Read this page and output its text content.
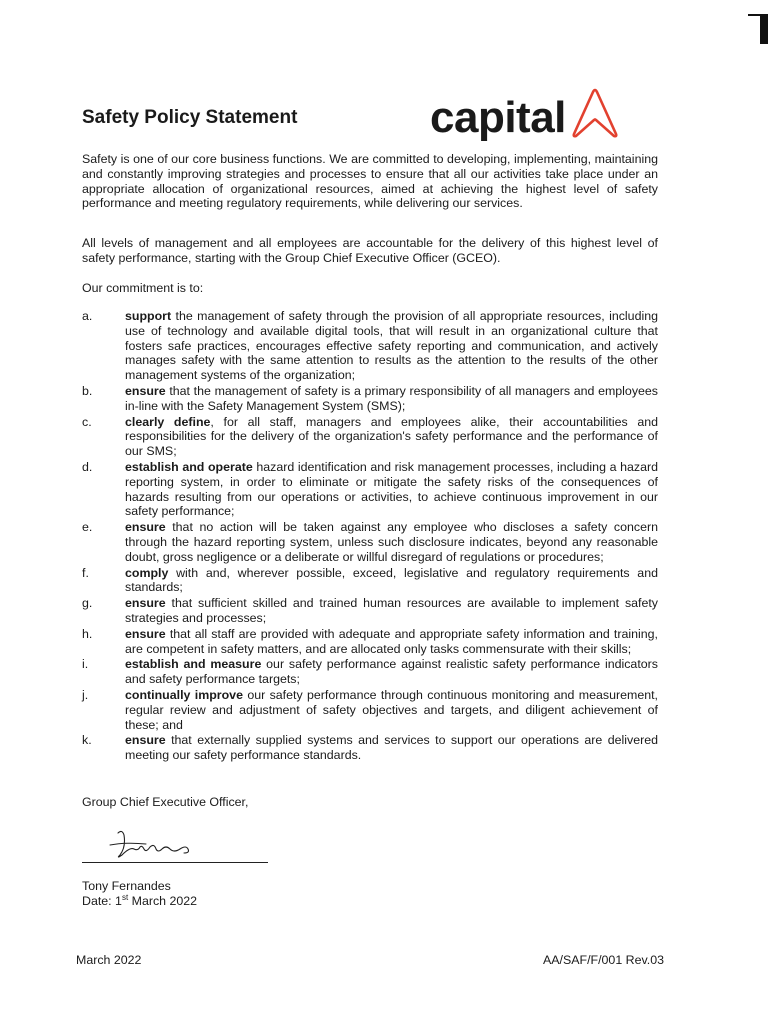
Safety Policy Statement	capital

Safety is one of our core business functions. We are committed to developing, implementing, maintaining and constantly improving strategies and processes to ensure that all our activities take place under an appropriate allocation of organizational resources, aimed at achieving the highest level of safety performance and meeting regulatory requirements, while delivering our services.

All levels of management and all employees are accountable for the delivery of this highest level of safety performance, starting with the Group Chief Executive Officer (GCEO).

Our commitment is to:

a.	support the management of safety through the provision of all appropriate resources, including use of technology and available digital tools, that will result in an organizational culture that fosters safe practices, encourages effective safety reporting and communication, and actively manages safety with the same attention to results as the attention to the results of the other management systems of the organization;
b.	ensure that the management of safety is a primary responsibility of all managers and employees in-line with the Safety Management System (SMS);
c.	clearly define, for all staff, managers and employees alike, their accountabilities and responsibilities for the delivery of the organization's safety performance and the performance of our SMS;
d.	establish and operate hazard identification and risk management processes, including a hazard reporting system, in order to eliminate or mitigate the safety risks of the consequences of hazards resulting from our operations or activities, to achieve continuous improvement in our safety performance;
e.	ensure that no action will be taken against any employee who discloses a safety concern through the hazard reporting system, unless such disclosure indicates, beyond any reasonable doubt, gross negligence or a deliberate or willful disregard of regulations or procedures;
f.	comply with and, wherever possible, exceed, legislative and regulatory requirements and standards;
g.	ensure that sufficient skilled and trained human resources are available to implement safety strategies and processes;
h.	ensure that all staff are provided with adequate and appropriate safety information and training, are competent in safety matters, and are allocated only tasks commensurate with their skills;
i.	establish and measure our safety performance against realistic safety performance indicators and safety performance targets;
j.	continually improve our safety performance through continuous monitoring and measurement, regular review and adjustment of safety objectives and targets, and diligent achievement of these; and
k.	ensure that externally supplied systems and services to support our operations are delivered meeting our safety performance standards.
Group Chief Executive Officer,
Tony Fernandes
Date: 1st March 2022
March 2022	AA/SAF/F/001 Rev.03
